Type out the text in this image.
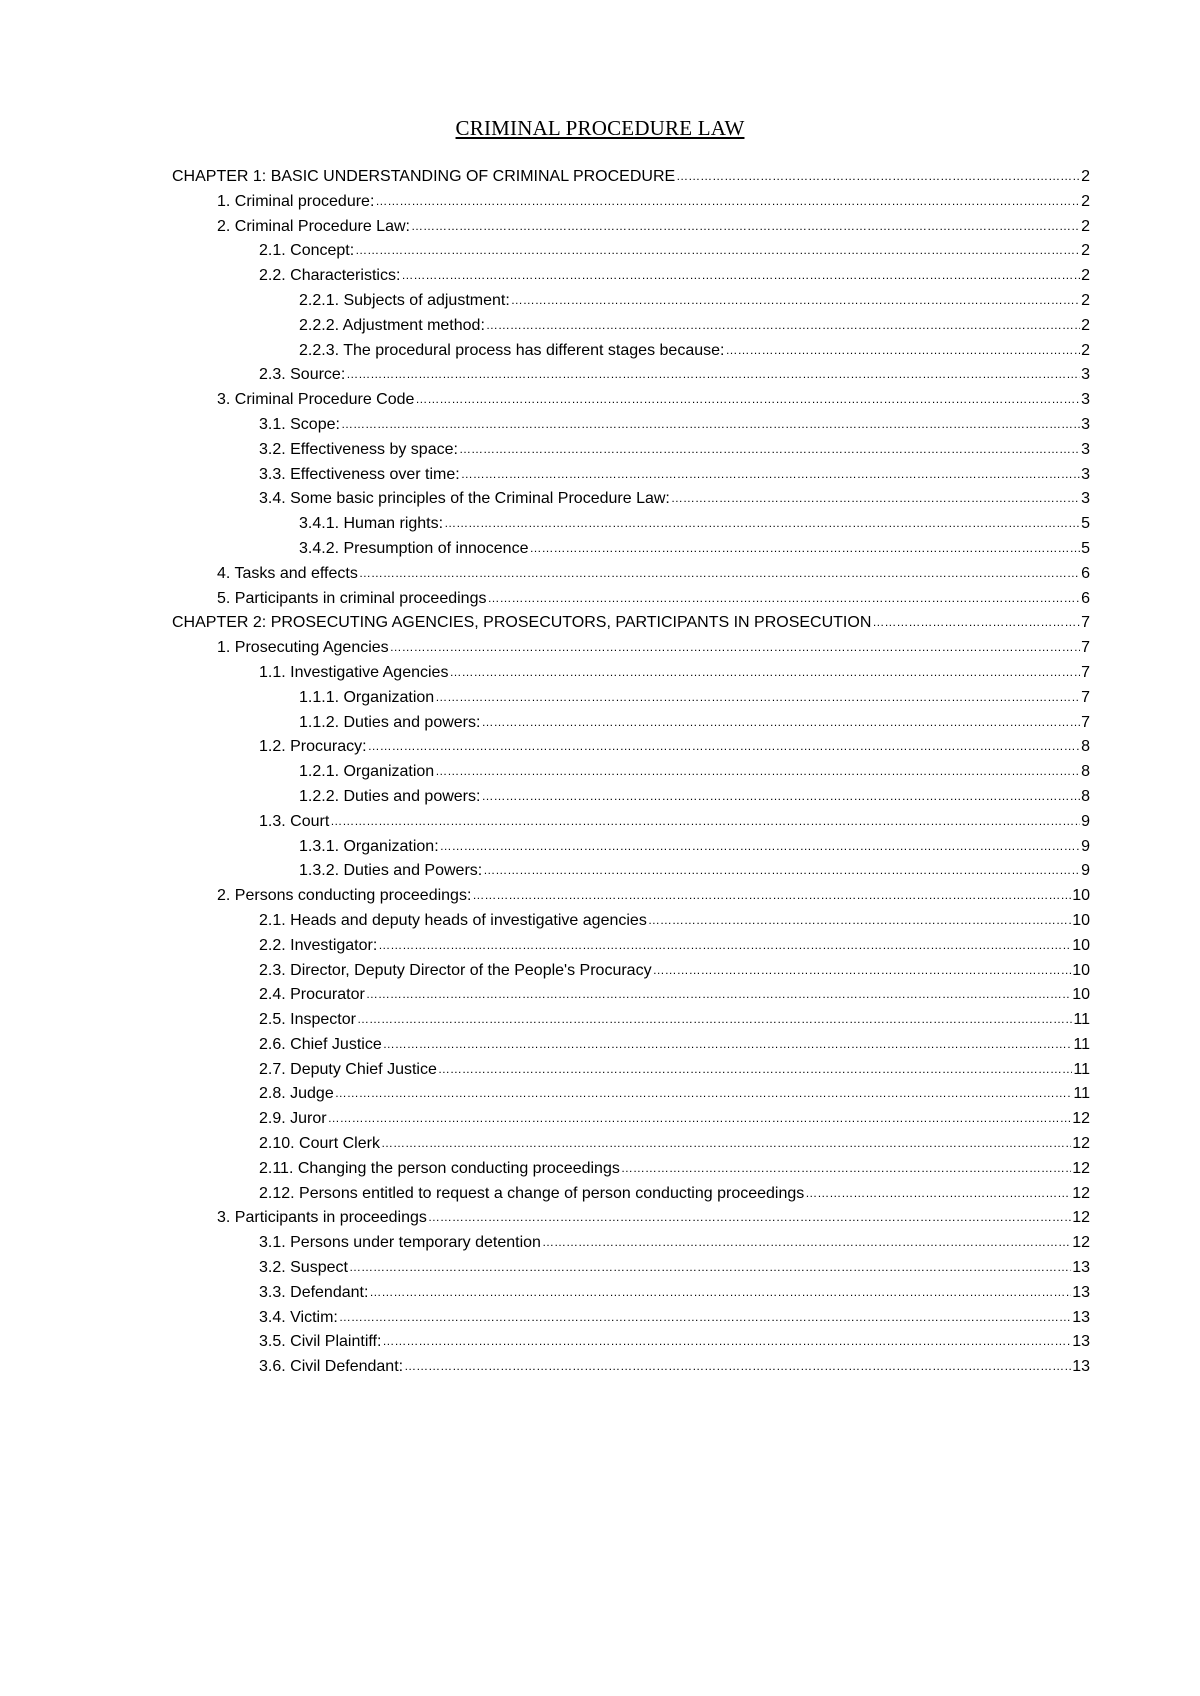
CRIMINAL PROCEDURE LAW
CHAPTER 1: BASIC UNDERSTANDING OF CRIMINAL PROCEDURE ……………………………………………………………………………………………………………………………………………………………………………………………………………………………………………………………………………………………………………………………………………………………………………………………………………………………………………	2
1. Criminal procedure: ……………………………………………………………………………………………………………………………………………………………………………………………………………………………………………………………………………………………………………………………………………………………………………………………………………………………………………	2
2. Criminal Procedure Law: ……………………………………………………………………………………………………………………………………………………………………………………………………………………………………………………………………………………………………………………………………………………………………………………………………………………………………………	2
2.1. Concept: ……………………………………………………………………………………………………………………………………………………………………………………………………………………………………………………………………………………………………………………………………………………………………………………………………………………………………………	2
2.2. Characteristics: ……………………………………………………………………………………………………………………………………………………………………………………………………………………………………………………………………………………………………………………………………………………………………………………………………………………………………………	2
2.2.1. Subjects of adjustment: ……………………………………………………………………………………………………………………………………………………………………………………………………………………………………………………………………………………………………………………………………………………………………………………………………………………………………………	2
2.2.2. Adjustment method: ……………………………………………………………………………………………………………………………………………………………………………………………………………………………………………………………………………………………………………………………………………………………………………………………………………………………………………	2
2.2.3. The procedural process has different stages because: ……………………………………………………………………………………………………………………………………………………………………………………………………………………………………………………………………………………………………………………………………………………………………………………………………………………………………………	2
2.3. Source: ……………………………………………………………………………………………………………………………………………………………………………………………………………………………………………………………………………………………………………………………………………………………………………………………………………………………………………	3
3. Criminal Procedure Code ……………………………………………………………………………………………………………………………………………………………………………………………………………………………………………………………………………………………………………………………………………………………………………………………………………………………………………	3
3.1. Scope: ……………………………………………………………………………………………………………………………………………………………………………………………………………………………………………………………………………………………………………………………………………………………………………………………………………………………………………	3
3.2. Effectiveness by space: ……………………………………………………………………………………………………………………………………………………………………………………………………………………………………………………………………………………………………………………………………………………………………………………………………………………………………………	3
3.3. Effectiveness over time: ……………………………………………………………………………………………………………………………………………………………………………………………………………………………………………………………………………………………………………………………………………………………………………………………………………………………………………	3
3.4. Some basic principles of the Criminal Procedure Law: ……………………………………………………………………………………………………………………………………………………………………………………………………………………………………………………………………………………………………………………………………………………………………………………………………………………………………………	3
3.4.1. Human rights: ……………………………………………………………………………………………………………………………………………………………………………………………………………………………………………………………………………………………………………………………………………………………………………………………………………………………………………	5
3.4.2. Presumption of innocence ……………………………………………………………………………………………………………………………………………………………………………………………………………………………………………………………………………………………………………………………………………………………………………………………………………………………………………	5
4. Tasks and effects ……………………………………………………………………………………………………………………………………………………………………………………………………………………………………………………………………………………………………………………………………………………………………………………………………………………………………………	6
5. Participants in criminal proceedings ……………………………………………………………………………………………………………………………………………………………………………………………………………………………………………………………………………………………………………………………………………………………………………………………………………………………………………	6
CHAPTER 2: PROSECUTING AGENCIES, PROSECUTORS, PARTICIPANTS IN PROSECUTION ……………………………………………………………………………………………………………………………………………………………………………………………………………………………………………………………………………………………………………………………………………………………………………………………………………………………………………	7
1. Prosecuting Agencies ……………………………………………………………………………………………………………………………………………………………………………………………………………………………………………………………………………………………………………………………………………………………………………………………………………………………………………	7
1.1. Investigative Agencies ……………………………………………………………………………………………………………………………………………………………………………………………………………………………………………………………………………………………………………………………………………………………………………………………………………………………………………	7
1.1.1. Organization ……………………………………………………………………………………………………………………………………………………………………………………………………………………………………………………………………………………………………………………………………………………………………………………………………………………………………………	7
1.1.2. Duties and powers: ……………………………………………………………………………………………………………………………………………………………………………………………………………………………………………………………………………………………………………………………………………………………………………………………………………………………………………	7
1.2. Procuracy: ……………………………………………………………………………………………………………………………………………………………………………………………………………………………………………………………………………………………………………………………………………………………………………………………………………………………………………	8
1.2.1. Organization ……………………………………………………………………………………………………………………………………………………………………………………………………………………………………………………………………………………………………………………………………………………………………………………………………………………………………………	8
1.2.2. Duties and powers: ……………………………………………………………………………………………………………………………………………………………………………………………………………………………………………………………………………………………………………………………………………………………………………………………………………………………………………	8
1.3. Court ……………………………………………………………………………………………………………………………………………………………………………………………………………………………………………………………………………………………………………………………………………………………………………………………………………………………………………	9
1.3.1. Organization: ……………………………………………………………………………………………………………………………………………………………………………………………………………………………………………………………………………………………………………………………………………………………………………………………………………………………………………	9
1.3.2. Duties and Powers: ……………………………………………………………………………………………………………………………………………………………………………………………………………………………………………………………………………………………………………………………………………………………………………………………………………………………………………	9
2. Persons conducting proceedings: ……………………………………………………………………………………………………………………………………………………………………………………………………………………………………………………………………………………………………………………………………………………………………………………………………………………………………………	10
2.1. Heads and deputy heads of investigative agencies ……………………………………………………………………………………………………………………………………………………………………………………………………………………………………………………………………………………………………………………………………………………………………………………………………………………………………………	10
2.2. Investigator: ……………………………………………………………………………………………………………………………………………………………………………………………………………………………………………………………………………………………………………………………………………………………………………………………………………………………………………	10
2.3. Director, Deputy Director of the People's Procuracy ……………………………………………………………………………………………………………………………………………………………………………………………………………………………………………………………………………………………………………………………………………………………………………………………………………………………………………	10
2.4. Procurator ……………………………………………………………………………………………………………………………………………………………………………………………………………………………………………………………………………………………………………………………………………………………………………………………………………………………………………	10
2.5. Inspector ……………………………………………………………………………………………………………………………………………………………………………………………………………………………………………………………………………………………………………………………………………………………………………………………………………………………………………	11
2.6. Chief Justice ……………………………………………………………………………………………………………………………………………………………………………………………………………………………………………………………………………………………………………………………………………………………………………………………………………………………………………	11
2.7. Deputy Chief Justice ……………………………………………………………………………………………………………………………………………………………………………………………………………………………………………………………………………………………………………………………………………………………………………………………………………………………………………	11
2.8. Judge ……………………………………………………………………………………………………………………………………………………………………………………………………………………………………………………………………………………………………………………………………………………………………………………………………………………………………………	11
2.9. Juror ……………………………………………………………………………………………………………………………………………………………………………………………………………………………………………………………………………………………………………………………………………………………………………………………………………………………………………	12
2.10. Court Clerk ……………………………………………………………………………………………………………………………………………………………………………………………………………………………………………………………………………………………………………………………………………………………………………………………………………………………………………	12
2.11. Changing the person conducting proceedings ……………………………………………………………………………………………………………………………………………………………………………………………………………………………………………………………………………………………………………………………………………………………………………………………………………………………………………	12
2.12. Persons entitled to request a change of person conducting proceedings ……………………………………………………………………………………………………………………………………………………………………………………………………………………………………………………………………………………………………………………………………………………………………………………………………………………………………………	12
3. Participants in proceedings ……………………………………………………………………………………………………………………………………………………………………………………………………………………………………………………………………………………………………………………………………………………………………………………………………………………………………………	12
3.1. Persons under temporary detention ……………………………………………………………………………………………………………………………………………………………………………………………………………………………………………………………………………………………………………………………………………………………………………………………………………………………………………	12
3.2. Suspect ……………………………………………………………………………………………………………………………………………………………………………………………………………………………………………………………………………………………………………………………………………………………………………………………………………………………………………	13
3.3. Defendant: ……………………………………………………………………………………………………………………………………………………………………………………………………………………………………………………………………………………………………………………………………………………………………………………………………………………………………………	13
3.4. Victim: ……………………………………………………………………………………………………………………………………………………………………………………………………………………………………………………………………………………………………………………………………………………………………………………………………………………………………………	13
3.5. Civil Plaintiff: ……………………………………………………………………………………………………………………………………………………………………………………………………………………………………………………………………………………………………………………………………………………………………………………………………………………………………………	13
3.6. Civil Defendant: ……………………………………………………………………………………………………………………………………………………………………………………………………………………………………………………………………………………………………………………………………………………………………………………………………………………………………………	13
